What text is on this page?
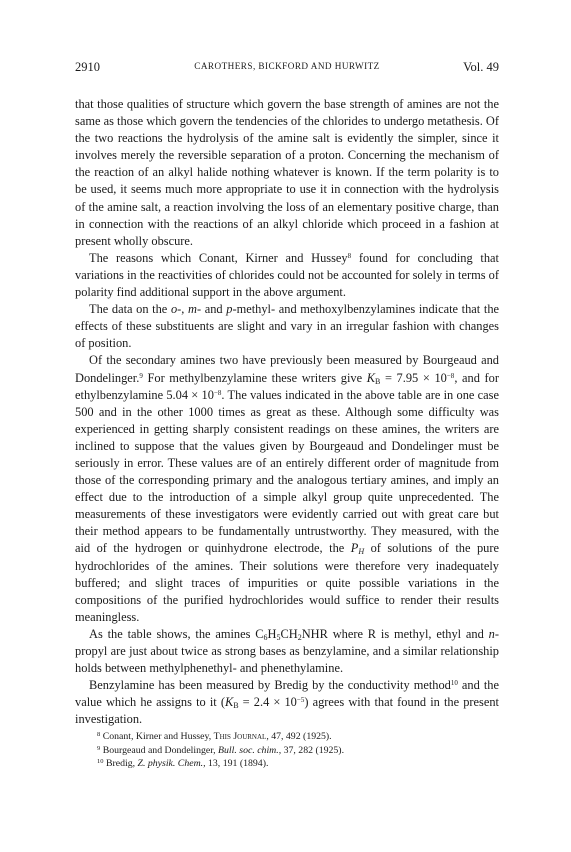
2910	CAROTHERS, BICKFORD AND HURWITZ	Vol. 49

that those qualities of structure which govern the base strength of amines are not the same as those which govern the tendencies of the chlorides to undergo metathesis. Of the two reactions the hydrolysis of the amine salt is evidently the simpler, since it involves merely the reversible separation of a proton. Concerning the mechanism of the reaction of an alkyl halide nothing whatever is known. If the term polarity is to be used, it seems much more appropriate to use it in connection with the hydrolysis of the amine salt, a reaction involving the loss of an elementary positive charge, than in connection with the reactions of an alkyl chloride which proceed in a fashion at present wholly obscure.

The reasons which Conant, Kirner and Hussey$^8$ found for concluding that variations in the reactivities of chlorides could not be accounted for solely in terms of polarity find additional support in the above argument.

The data on the o-, m- and p-methyl- and methoxylbenzylamines indicate that the effects of these substituents are slight and vary in an irregular fashion with changes of position.

Of the secondary amines two have previously been measured by Bourgeaud and Dondelinger.$^9$ For methylbenzylamine these writers give $K_B = 7.95 \times 10^{-8}$, and for ethylbenzylamine $5.04 \times 10^{-8}$. The values indicated in the above table are in one case 500 and in the other 1000 times as great as these. Although some difficulty was experienced in getting sharply consistent readings on these amines, the writers are inclined to suppose that the values given by Bourgeaud and Dondelinger must be seriously in error. These values are of an entirely different order of magnitude from those of the corresponding primary and the analogous tertiary amines, and imply an effect due to the introduction of a simple alkyl group quite unprecedented. The measurements of these investigators were evidently carried out with great care but their method appears to be fundamentally untrustworthy. They measured, with the aid of the hydrogen or quinhydrone electrode, the $P_H$ of solutions of the pure hydrochlorides of the amines. Their solutions were therefore very inadequately buffered; and slight traces of impurities or quite possible variations in the compositions of the purified hydrochlorides would suffice to render their results meaningless.

As the table shows, the amines $C_6H_5CH_2NHR$ where R is methyl, ethyl and n-propyl are just about twice as strong bases as benzylamine, and a similar relationship holds between methylphenethyl- and phenethylamine.

Benzylamine has been measured by Bredig by the conductivity method$^{10}$ and the value which he assigns to it $(K_B = 2.4 \times 10^{-5})$ agrees with that found in the present investigation.

$^8$ Conant, Kirner and Hussey, This Journal, 47, 492 (1925).
$^9$ Bourgeaud and Dondelinger, Bull. soc. chim., 37, 282 (1925).
$^{10}$ Bredig, Z. physik. Chem., 13, 191 (1894).
